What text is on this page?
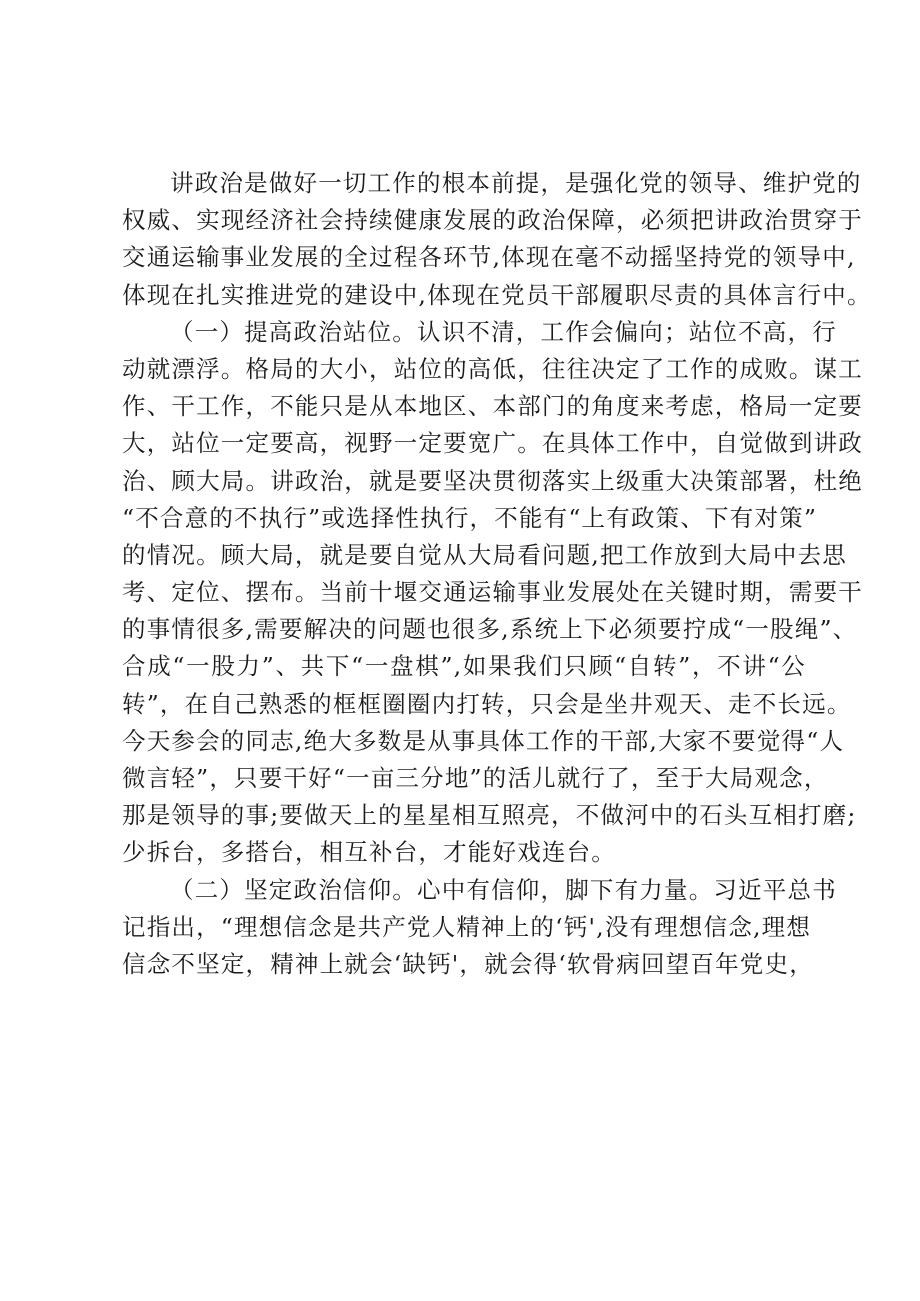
讲政治是做好一切工作的根本前提，是强化党的领导、维护党的
权威、实现经济社会持续健康发展的政治保障，必须把讲政治贯穿于
交通运输事业发展的全过程各环节,体现在毫不动摇坚持党的领导中,
体现在扎实推进党的建设中,体现在党员干部履职尽责的具体言行中。
（一）提高政治站位。认识不清，工作会偏向；站位不高，行
动就漂浮。格局的大小，站位的高低，往往决定了工作的成败。谋工
作、干工作，不能只是从本地区、本部门的角度来考虑，格局一定要
大，站位一定要高，视野一定要宽广。在具体工作中，自觉做到讲政
治、顾大局。讲政治，就是要坚决贯彻落实上级重大决策部署，杜绝
“不合意的不执行”或选择性执行，不能有“上有政策、下有对策”
的情况。顾大局，就是要自觉从大局看问题,把工作放到大局中去思
考、定位、摆布。当前十堰交通运输事业发展处在关键时期，需要干
的事情很多,需要解决的问题也很多,系统上下必须要拧成“一股绳”、
合成“一股力”、共下“一盘棋”,如果我们只顾“自转”，不讲“公
转”，在自己熟悉的框框圈圈内打转，只会是坐井观天、走不长远。
今天参会的同志,绝大多数是从事具体工作的干部,大家不要觉得“人
微言轻”，只要干好“一亩三分地”的活儿就行了，至于大局观念，
那是领导的事;要做天上的星星相互照亮，不做河中的石头互相打磨;
少拆台，多搭台，相互补台，才能好戏连台。
（二）坚定政治信仰。心中有信仰，脚下有力量。习近平总书
记指出，“理想信念是共产党人精神上的‘钙',没有理想信念,理想
信念不坚定，精神上就会‘缺钙'，就会得‘软骨病回望百年党史，
